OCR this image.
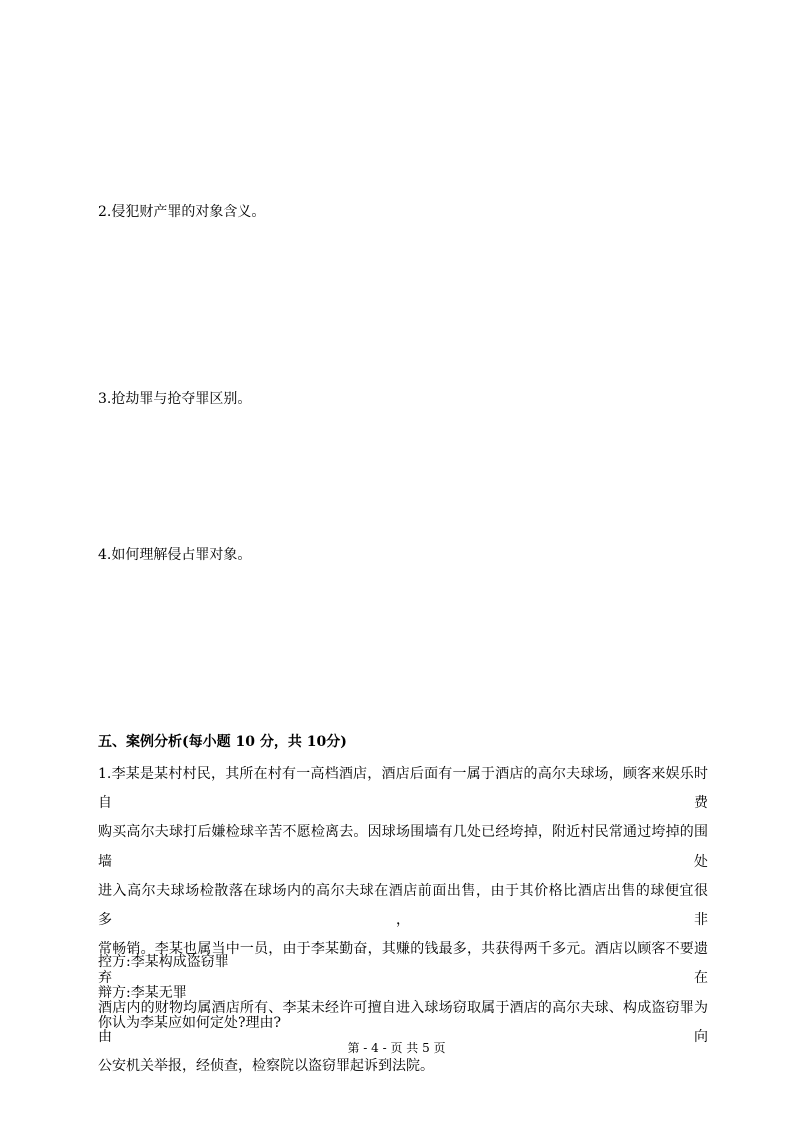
2.侵犯财产罪的对象含义。
3.抢劫罪与抢夺罪区别。
4.如何理解侵占罪对象。
五、案例分析(每小题 10 分，共 10分)

1.李某是某村村民，其所在村有一高档酒店，酒店后面有一属于酒店的高尔夫球场，顾客来娱乐时自费

购买高尔夫球打后嫌检球辛苦不愿检离去。因球场围墙有几处已经垮掉，附近村民常通过垮掉的围墙处

进入高尔夫球场检散落在球场内的高尔夫球在酒店前面出售，由于其价格比酒店出售的球便宜很多，非

常畅销。李某也属当中一员，由于李某勤奋，其赚的钱最多，共获得两千多元。酒店以顾客不要遗弃在

酒店内的财物均属酒店所有、李某未经许可擅自进入球场窃取属于酒店的高尔夫球、构成盗窃罪为由向

公安机关举报，经侦查，检察院以盗窃罪起诉到法院。

控方:李某构成盗窃罪
辩方:李某无罪
你认为李某应如何定处?理由?
第 - 4 - 页 共 5 页
